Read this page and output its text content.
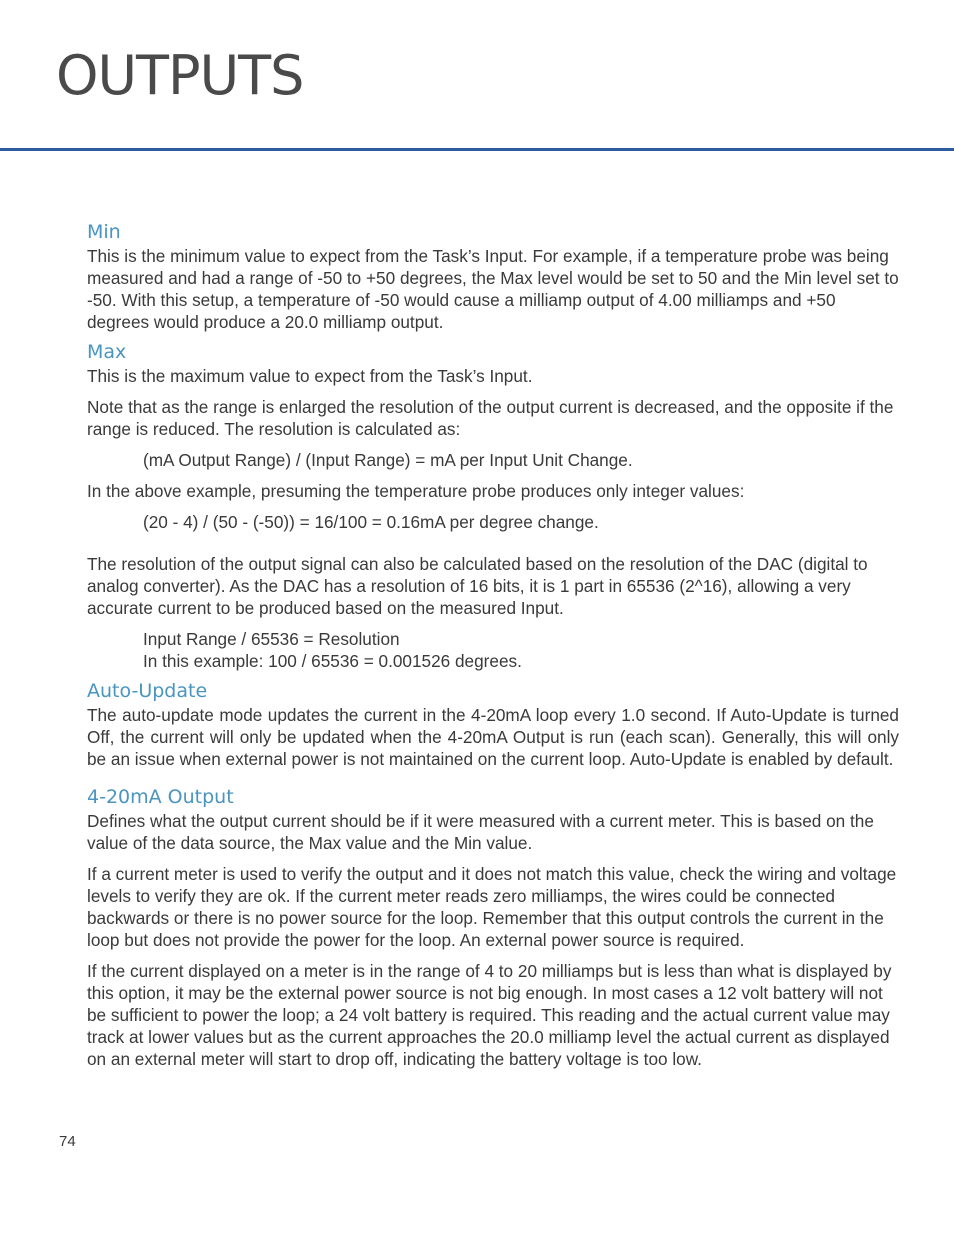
OUTPUTS
Min

This is the minimum value to expect from the Task’s Input. For example, if a temperature probe was being measured and had a range of -50 to +50 degrees, the Max level would be set to 50 and the Min level set to -50. With this setup, a temperature of -50 would cause a milliamp output of 4.00 milliamps and +50 degrees would produce a 20.0 milliamp output.

Max

This is the maximum value to expect from the Task’s Input.

Note that as the range is enlarged the resolution of the output current is decreased, and the opposite if the range is reduced. The resolution is calculated as:

(mA Output Range) / (Input Range) = mA per Input Unit Change.

In the above example, presuming the temperature probe produces only integer values:

(20 - 4) / (50 - (-50)) = 16/100 = 0.16mA per degree change.

The resolution of the output signal can also be calculated based on the resolution of the DAC (digital to analog converter). As the DAC has a resolution of 16 bits, it is 1 part in 65536 (2^16), allowing a very accurate current to be produced based on the measured Input.

Input Range / 65536 = Resolution

In this example: 100 / 65536 = 0.001526 degrees.

Auto-Update

The auto-update mode updates the current in the 4-20mA loop every 1.0 second. If Auto-Update is turned Off, the current will only be updated when the 4-20mA Output is run (each scan). Generally, this will only be an issue when external power is not maintained on the current loop. Auto-Update is enabled by default.

4-20mA Output

Defines what the output current should be if it were measured with a current meter. This is based on the value of the data source, the Max value and the Min value.

If a current meter is used to verify the output and it does not match this value, check the wiring and voltage levels to verify they are ok. If the current meter reads zero milliamps, the wires could be connected backwards or there is no power source for the loop. Remember that this output controls the current in the loop but does not provide the power for the loop. An external power source is required.

If the current displayed on a meter is in the range of 4 to 20 milliamps but is less than what is displayed by this option, it may be the external power source is not big enough. In most cases a 12 volt battery will not be sufficient to power the loop; a 24 volt battery is required. This reading and the actual current value may track at lower values but as the current approaches the 20.0 milliamp level the actual current as displayed on an external meter will start to drop off, indicating the battery voltage is too low.

74
